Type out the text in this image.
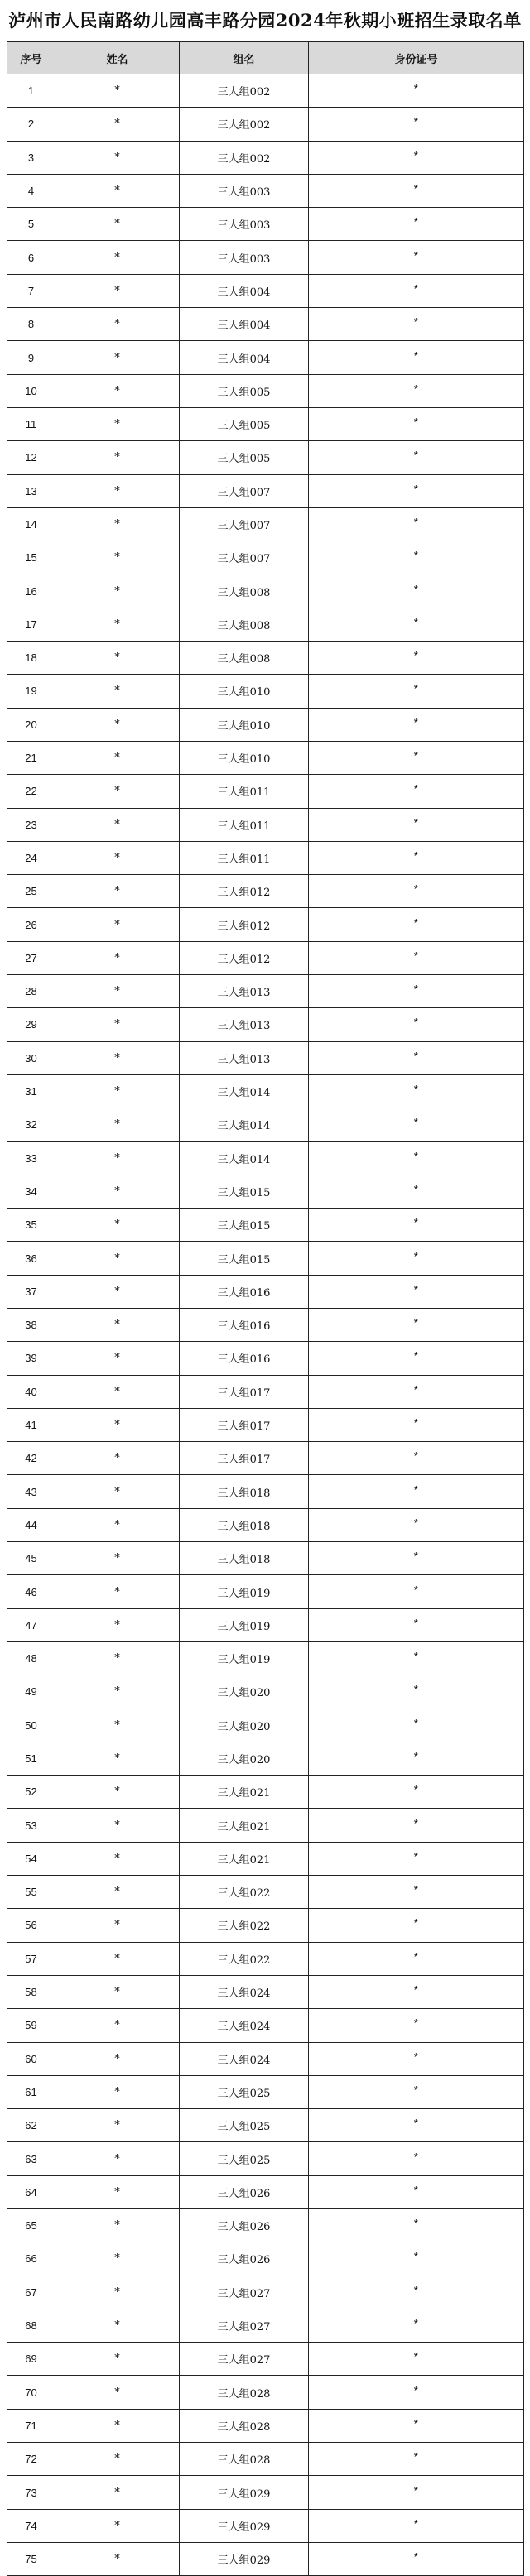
泸州市人民南路幼儿园高丰路分园2024年秋期小班招生录取名单
序号	姓名	组名	身份证号
1	*	三人组002	*
2	*	三人组002	*
3	*	三人组002	*
4	*	三人组003	*
5	*	三人组003	*
6	*	三人组003	*
7	*	三人组004	*
8	*	三人组004	*
9	*	三人组004	*
10	*	三人组005	*
11	*	三人组005	*
12	*	三人组005	*
13	*	三人组007	*
14	*	三人组007	*
15	*	三人组007	*
16	*	三人组008	*
17	*	三人组008	*
18	*	三人组008	*
19	*	三人组010	*
20	*	三人组010	*
21	*	三人组010	*
22	*	三人组011	*
23	*	三人组011	*
24	*	三人组011	*
25	*	三人组012	*
26	*	三人组012	*
27	*	三人组012	*
28	*	三人组013	*
29	*	三人组013	*
30	*	三人组013	*
31	*	三人组014	*
32	*	三人组014	*
33	*	三人组014	*
34	*	三人组015	*
35	*	三人组015	*
36	*	三人组015	*
37	*	三人组016	*
38	*	三人组016	*
39	*	三人组016	*
40	*	三人组017	*
41	*	三人组017	*
42	*	三人组017	*
43	*	三人组018	*
44	*	三人组018	*
45	*	三人组018	*
46	*	三人组019	*
47	*	三人组019	*
48	*	三人组019	*
49	*	三人组020	*
50	*	三人组020	*
51	*	三人组020	*
52	*	三人组021	*
53	*	三人组021	*
54	*	三人组021	*
55	*	三人组022	*
56	*	三人组022	*
57	*	三人组022	*
58	*	三人组024	*
59	*	三人组024	*
60	*	三人组024	*
61	*	三人组025	*
62	*	三人组025	*
63	*	三人组025	*
64	*	三人组026	*
65	*	三人组026	*
66	*	三人组026	*
67	*	三人组027	*
68	*	三人组027	*
69	*	三人组027	*
70	*	三人组028	*
71	*	三人组028	*
72	*	三人组028	*
73	*	三人组029	*
74	*	三人组029	*
75	*	三人组029	*
